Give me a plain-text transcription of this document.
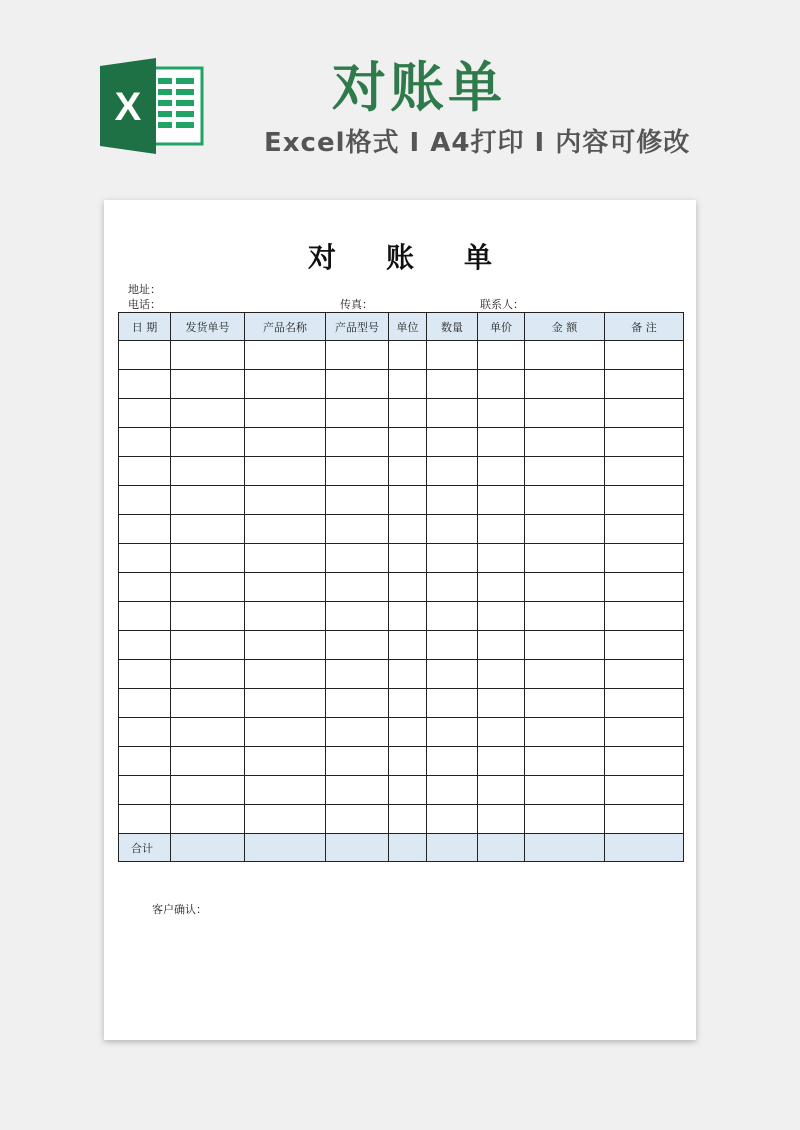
X	对账单
Excel格式 I A4打印 I 内容可修改
对账单
地址：
电话：	传真：	联系人：
日 期	发货单号	产品名称	产品型号	单位	数量	单价	金 额	备 注

合计								
客户确认：
